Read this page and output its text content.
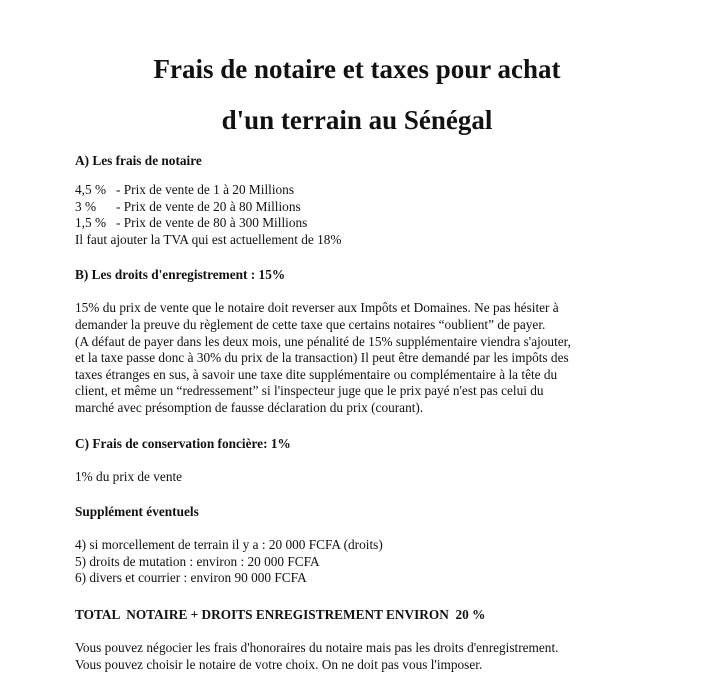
Frais de notaire et taxes pour achat
d'un terrain au Sénégal

A) Les frais de notaire

4,5 % - Prix de vente de 1 à 20 Millions
3 %	- Prix de vente de 20 à 80 Millions
1,5 % - Prix de vente de 80 à 300 Millions

Il faut ajouter la TVA qui est actuellement de 18%

B) Les droits d'enregistrement : 15%

15% du prix de vente que le notaire doit reverser aux Impôts et Domaines. Ne pas hésiter à

demander la preuve du règlement de cette taxe que certains notaires “oublient” de payer.

(A défaut de payer dans les deux mois, une pénalité de 15% supplémentaire viendra s'ajouter,

et la taxe passe donc à 30% du prix de la transaction) Il peut être demandé par les impôts des

taxes étranges en sus, à savoir une taxe dite supplémentaire ou complémentaire à la tête du

client, et même un “redressement” si l'inspecteur juge que le prix payé n'est pas celui du

marché avec présomption de fausse déclaration du prix (courant).

C) Frais de conservation foncière: 1%

1% du prix de vente

Supplément éventuels

4) si morcellement de terrain il y a : 20 000 FCFA (droits)

5) droits de mutation : environ : 20 000 FCFA

6) divers et courrier : environ 90 000 FCFA

TOTAL  NOTAIRE + DROITS ENREGISTREMENT ENVIRON  20 %

Vous pouvez négocier les frais d'honoraires du notaire mais pas les droits d'enregistrement.

Vous pouvez choisir le notaire de votre choix. On ne doit pas vous l'imposer.
